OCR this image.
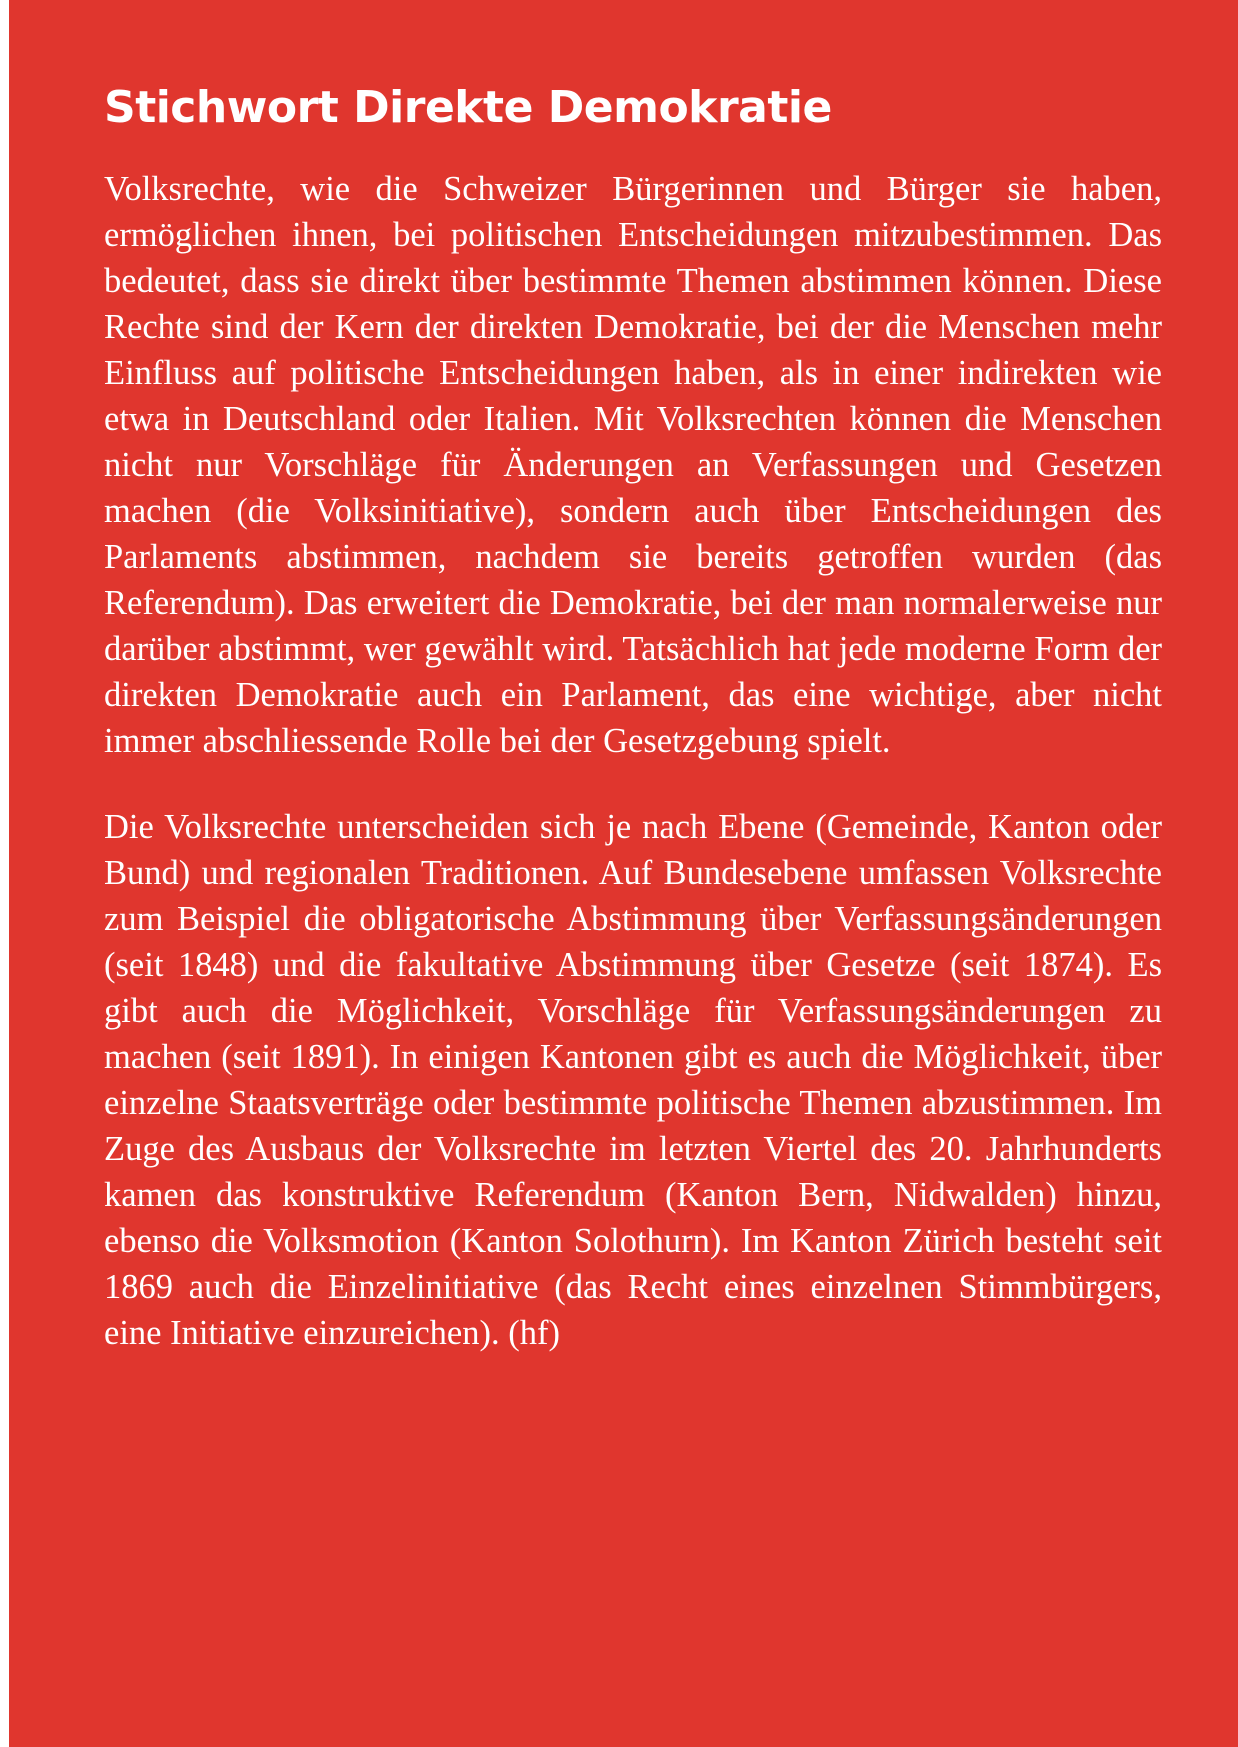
Stichwort Direkte Demokratie

Volksrechte, wie die Schweizer Bürgerinnen und Bürger sie haben, ermöglichen ihnen, bei politischen Entscheidungen mitzubestimmen. Das bedeutet, dass sie direkt über bestimmte Themen abstimmen können. Diese Rechte sind der Kern der direkten Demokratie, bei der die Menschen mehr Einfluss auf politische Entscheidungen haben, als in einer indirekten wie etwa in Deutschland oder Italien. Mit Volksrechten können die Menschen nicht nur Vorschläge für Änderungen an Verfassungen und Gesetzen machen (die Volksinitiative), sondern auch über Entscheidungen des Parlaments abstimmen, nachdem sie bereits getroffen wurden (das Referendum). Das erweitert die Demokratie, bei der man normalerweise nur darüber abstimmt, wer gewählt wird. Tatsächlich hat jede moderne Form der direkten Demokratie auch ein Parlament, das eine wichtige, aber nicht immer abschliessende Rolle bei der Gesetzgebung spielt.

Die Volksrechte unterscheiden sich je nach Ebene (Gemeinde, Kanton oder Bund) und regionalen Traditionen. Auf Bundesebene umfassen Volksrechte zum Beispiel die obligatorische Abstimmung über Verfassungsänderungen (seit 1848) und die fakultative Abstimmung über Gesetze (seit 1874). Es gibt auch die Möglichkeit, Vorschläge für Verfassungsänderungen zu machen (seit 1891). In einigen Kantonen gibt es auch die Möglichkeit, über einzelne Staatsverträge oder bestimmte politische Themen abzustimmen. Im Zuge des Ausbaus der Volksrechte im letzten Viertel des 20. Jahrhunderts kamen das konstruktive Referendum (Kanton Bern, Nidwalden) hinzu, ebenso die Volksmotion (Kanton Solothurn). Im Kanton Zürich besteht seit 1869 auch die Einzelinitiative (das Recht eines einzelnen Stimmbürgers, eine Initiative einzureichen). (hf)
